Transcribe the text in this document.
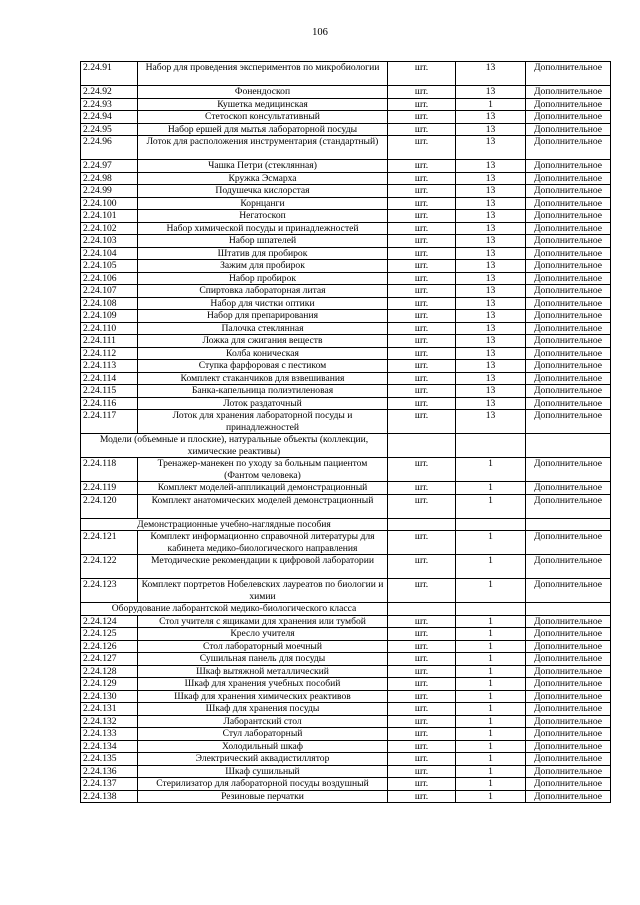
106
2.24.91	Набор для проведения экспериментов по микробиологии	шт.	13	Дополнительное
2.24.92	Фонендоскоп	шт.	13	Дополнительное
2.24.93	Кушетка медицинская	шт.	1	Дополнительное
2.24.94	Стетоскоп консультативный	шт.	13	Дополнительное
2.24.95	Набор ершей для мытья лабораторной посуды	шт.	13	Дополнительное
2.24.96	Лоток для расположения инструментария (стандартный)	шт.	13	Дополнительное
2.24.97	Чашка Петри (стеклянная)	шт.	13	Дополнительное
2.24.98	Кружка Эсмарха	шт.	13	Дополнительное
2.24.99	Подушечка кислорстая	шт.	13	Дополнительное
2.24.100	Корнцанги	шт.	13	Дополнительное
2.24.101	Негатоскоп	шт.	13	Дополнительное
2.24.102	Набор химической посуды и принадлежностей	шт.	13	Дополнительное
2.24.103	Набор шпателей	шт.	13	Дополнительное
2.24.104	Штатив для пробирок	шт.	13	Дополнительное
2.24.105	Зажим для пробирок	шт.	13	Дополнительное
2.24.106	Набор пробирок	шт.	13	Дополнительное
2.24.107	Спиртовка лабораторная литая	шт.	13	Дополнительное
2.24.108	Набор для чистки оптики	шт.	13	Дополнительное
2.24.109	Набор для препарирования	шт.	13	Дополнительное
2.24.110	Палочка стеклянная	шт.	13	Дополнительное
2.24.111	Ложка для сжигания веществ	шт.	13	Дополнительное
2.24.112	Колба коническая	шт.	13	Дополнительное
2.24.113	Ступка фарфоровая с пестиком	шт.	13	Дополнительное
2.24.114	Комплект стаканчиков для взвешивания	шт.	13	Дополнительное
2.24.115	Банка-капельница полиэтиленовая	шт.	13	Дополнительное
2.24.116	Лоток раздаточный	шт.	13	Дополнительное
2.24.117	Лоток для хранения лабораторной посуды и принадлежностей	шт.	13	Дополнительное
Модели (объемные и плоские), натуральные объекты (коллекции, химические реактивы)				
2.24.118	Тренажер-манекен по уходу за больным пациентом (Фантом человека)	шт.	1	Дополнительное
2.24.119	Комплект моделей-аппликаций демонстрационный	шт.	1	Дополнительное
2.24.120	Комплект анатомических моделей демонстрационный	шт.	1	Дополнительное
Демонстрационные учебно-наглядные пособия				
2.24.121	Комплект информационно справочной литературы для кабинета медико-биологического направления	шт.	1	Дополнительное
2.24.122	Методические рекомендации к цифровой лаборатории	шт.	1	Дополнительное
2.24.123	Комплект портретов Нобелевских лауреатов по биологии и химии	шт.	1	Дополнительное
Оборудование лаборантской медико-биологического класса				
2.24.124	Стол учителя с ящиками для хранения или тумбой	шт.	1	Дополнительное
2.24.125	Кресло учителя	шт.	1	Дополнительное
2.24.126	Стол лабораторный моечный	шт.	1	Дополнительное
2.24.127	Сушильная панель для посуды	шт.	1	Дополнительное
2.24.128	Шкаф вытяжной металлический	шт.	1	Дополнительное
2.24.129	Шкаф для хранения учебных пособий	шт.	1	Дополнительное
2.24.130	Шкаф для хранения химических реактивов	шт.	1	Дополнительное
2.24.131	Шкаф для хранения посуды	шт.	1	Дополнительное
2.24.132	Лаборантский стол	шт.	1	Дополнительное
2.24.133	Стул лабораторный	шт.	1	Дополнительное
2.24.134	Холодильный шкаф	шт.	1	Дополнительное
2.24.135	Электрический аквадистиллятор	шт.	1	Дополнительное
2.24.136	Шкаф сушильный	шт.	1	Дополнительное
2.24.137	Стерилизатор для лабораторной посуды воздушный	шт.	1	Дополнительное
2.24.138	Резиновые перчатки	шт.	1	Дополнительное
